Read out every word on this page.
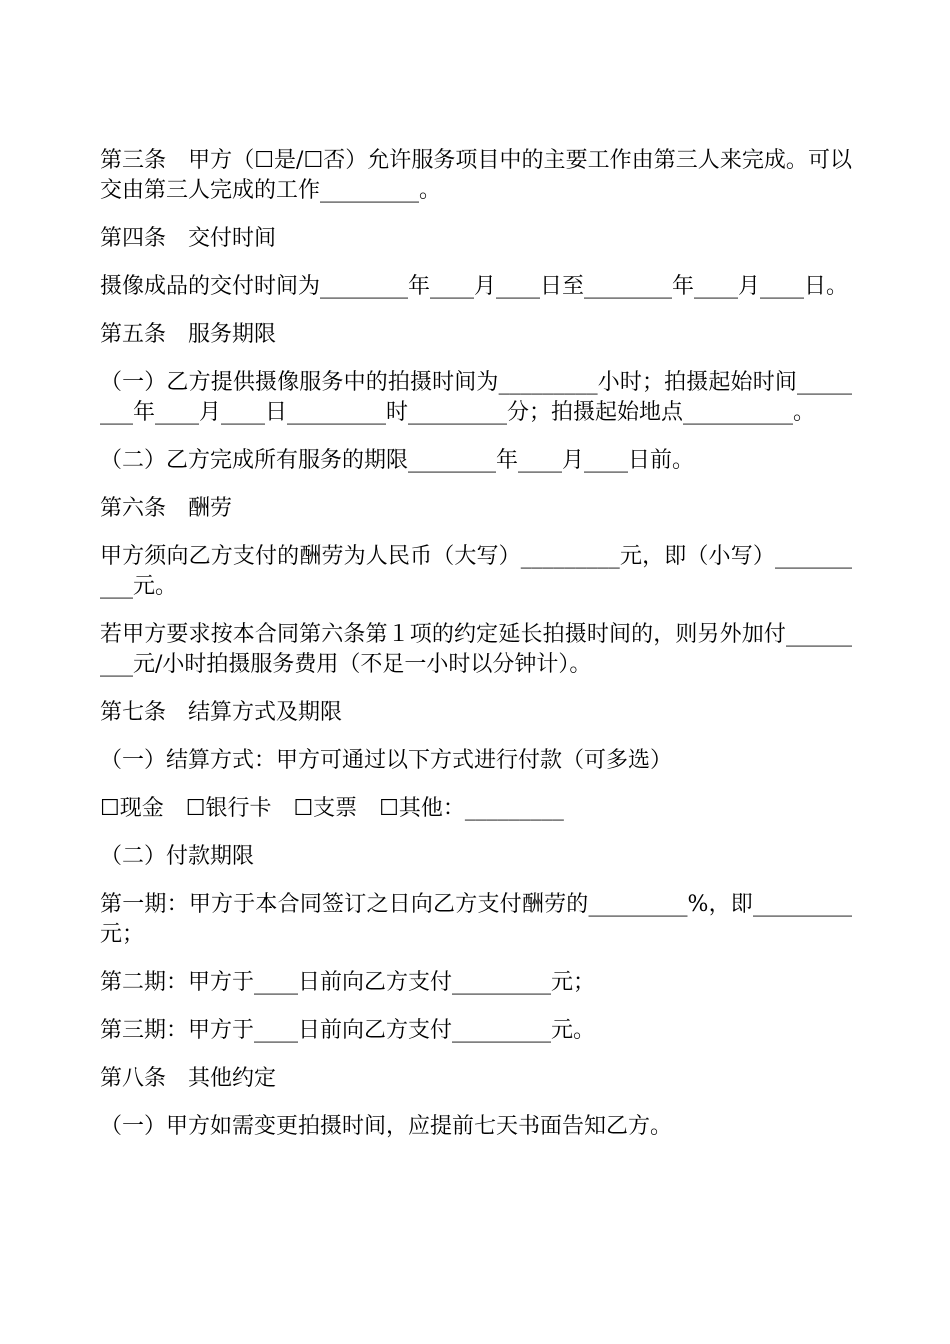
第三条　甲方（☐是/☐否）允许服务项目中的主要工作由第三人来完成。可以交由第三人完成的工作_________。

第四条　交付时间

摄像成品的交付时间为________年____月____日至________年____月____日。

第五条　服务期限

（一）乙方提供摄像服务中的拍摄时间为_________小时；拍摄起始时间________年____月____日_________时_________分；拍摄起始地点__________。

（二）乙方完成所有服务的期限________年____月____日前。

第六条　酬劳

甲方须向乙方支付的酬劳为人民币（大写）_________元，即（小写）__________元。

若甲方要求按本合同第六条第１项的约定延长拍摄时间的，则另外加付_________元/小时拍摄服务费用（不足一小时以分钟计）。

第七条　结算方式及期限

（一）结算方式：甲方可通过以下方式进行付款（可多选）

☐现金　☐银行卡　☐支票　☐其他：_________

（二）付款期限

第一期：甲方于本合同签订之日向乙方支付酬劳的_________%，即_________元；

第二期：甲方于____日前向乙方支付_________元；

第三期：甲方于____日前向乙方支付_________元。

第八条　其他约定

（一）甲方如需变更拍摄时间，应提前七天书面告知乙方。
